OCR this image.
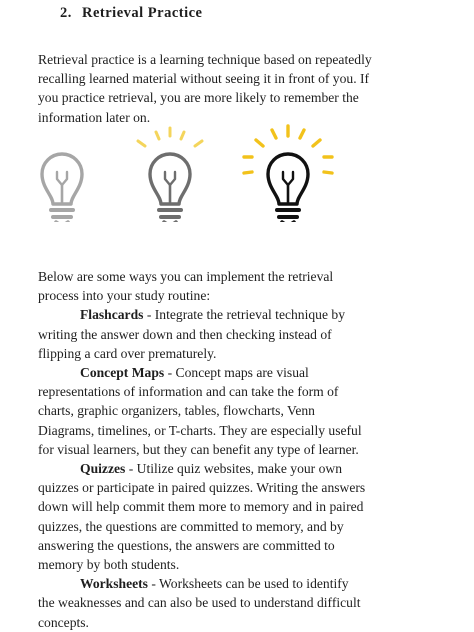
2. Retrieval Practice
Retrieval practice is a learning technique based on repeatedly
recalling learned material without seeing it in front of you. If
you practice retrieval, you are more likely to remember the
information later on.
Below are some ways you can implement the retrieval
process into your study routine:
Flashcards - Integrate the retrieval technique by
writing the answer down and then checking instead of
flipping a card over prematurely.
Concept Maps - Concept maps are visual
representations of information and can take the form of
charts, graphic organizers, tables, flowcharts, Venn
Diagrams, timelines, or T-charts. They are especially useful
for visual learners, but they can benefit any type of learner.
Quizzes - Utilize quiz websites, make your own
quizzes or participate in paired quizzes. Writing the answers
down will help commit them more to memory and in paired
quizzes, the questions are committed to memory, and by
answering the questions, the answers are committed to
memory by both students.
Worksheets - Worksheets can be used to identify
the weaknesses and can also be used to understand difficult
concepts.
